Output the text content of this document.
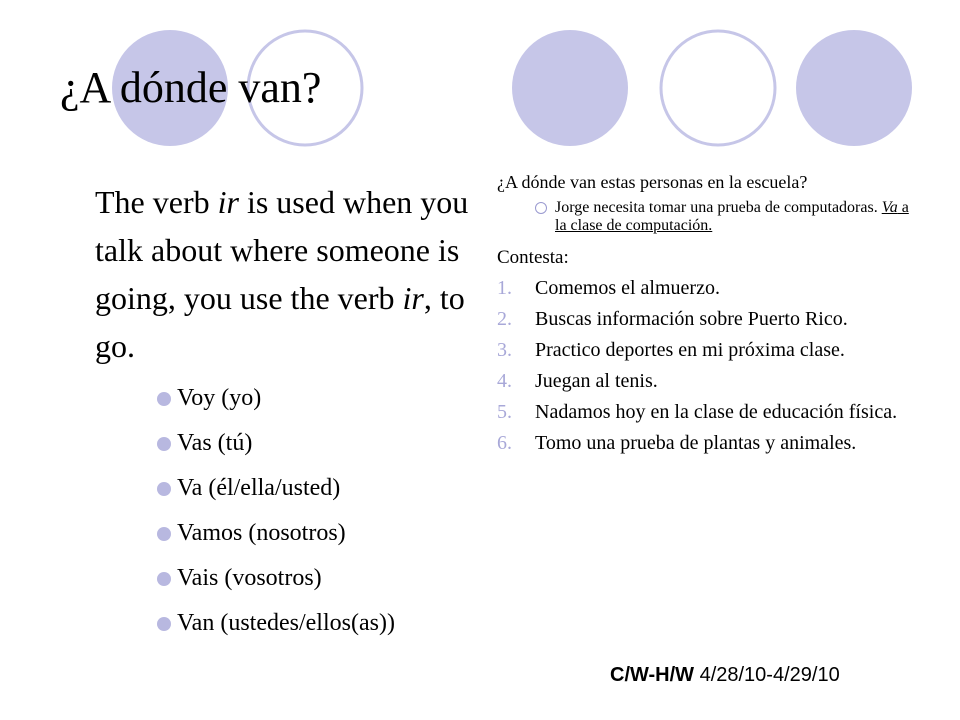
¿A dónde van?

The verb ir is used when you talk about where someone is going, you use the verb ir, to go.

Voy (yo)
Vas (tú)
Va (él/ella/usted)
Vamos (nosotros)
Vais (vosotros)
Van (ustedes/ellos(as))

¿A dónde van estas personas en la escuela?

Jorge necesita tomar una prueba de computadoras. Va a la clase de computación.

Contesta:

1. Comemos el almuerzo.
2. Buscas información sobre Puerto Rico.
3. Practico deportes en mi próxima clase.
4. Juegan al tenis.
5. Nadamos hoy en la clase de educación física.
6. Tomo una prueba de plantas y animales.
C/W-H/W 4/28/10-4/29/10
